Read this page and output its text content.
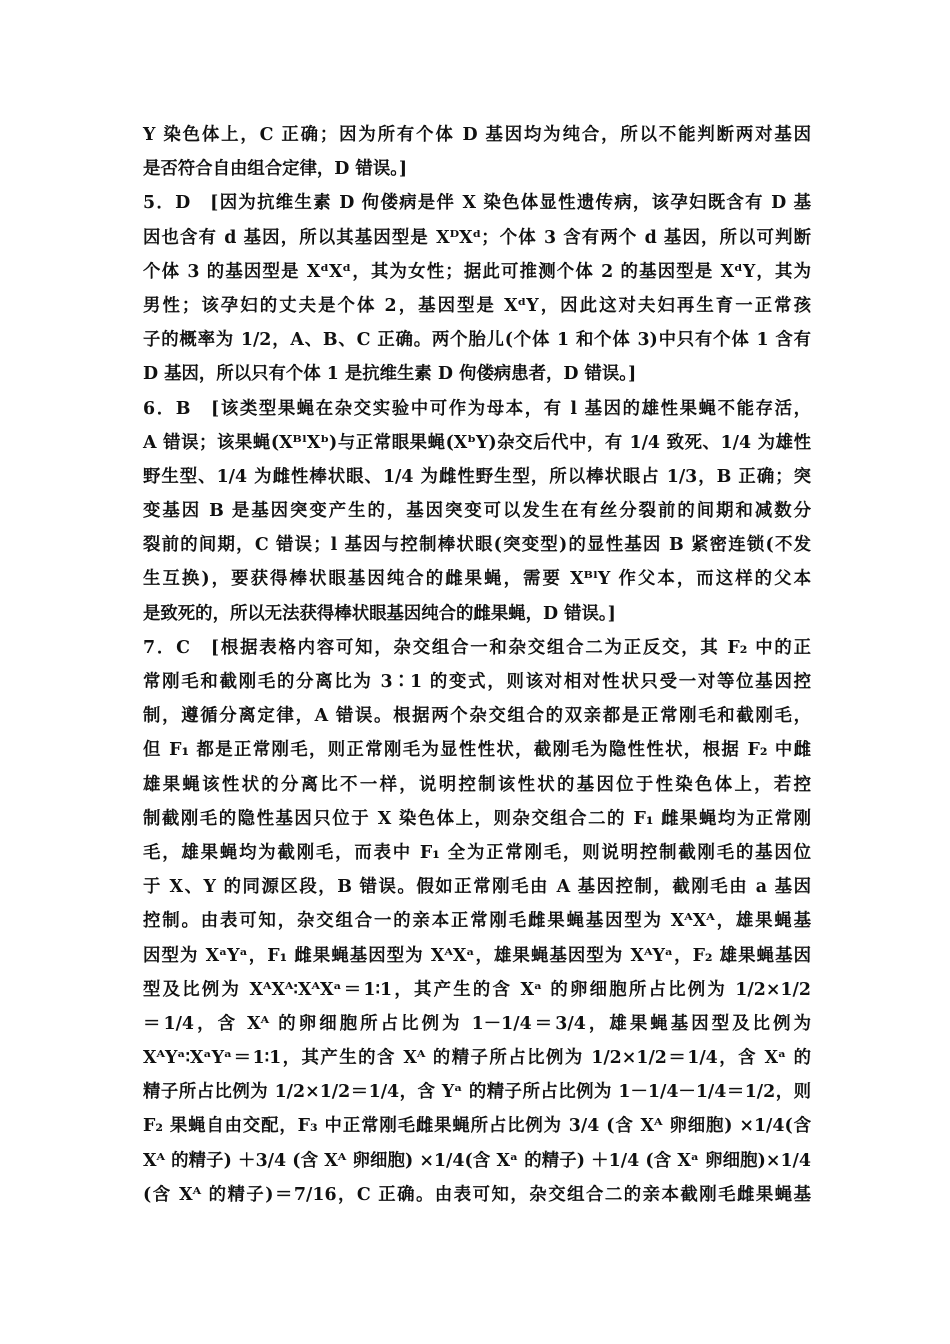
Y 染色体上，C 正确；因为所有个体 D 基因均为纯合，所以不能判断两对基因
是否符合自由组合定律，D 错误。]
5．D　[因为抗维生素 D 佝偻病是伴 X 染色体显性遗传病，该孕妇既含有 D 基
因也含有 d 基因，所以其基因型是 XᴰXᵈ；个体 3 含有两个 d 基因，所以可判断
个体 3 的基因型是 XᵈXᵈ，其为女性；据此可推测个体 2 的基因型是 XᵈY，其为
男性；该孕妇的丈夫是个体 2，基因型是 XᵈY，因此这对夫妇再生育一正常孩
子的概率为 1/2，A、B、C 正确。两个胎儿(个体 1 和个体 3)中只有个体 1 含有
D 基因，所以只有个体 1 是抗维生素 D 佝偻病患者，D 错误。]
6．B　[该类型果蝇在杂交实验中可作为母本，有 l 基因的雄性果蝇不能存活，
A 错误；该果蝇(XᴮˡXᵇ)与正常眼果蝇(XᵇY)杂交后代中，有 1/4 致死、1/4 为雄性
野生型、1/4 为雌性棒状眼、1/4 为雌性野生型，所以棒状眼占 1/3，B 正确；突
变基因 B 是基因突变产生的，基因突变可以发生在有丝分裂前的间期和减数分
裂前的间期，C 错误；l 基因与控制棒状眼(突变型)的显性基因 B 紧密连锁(不发
生互换)，要获得棒状眼基因纯合的雌果蝇，需要 XᴮˡY 作父本，而这样的父本
是致死的，所以无法获得棒状眼基因纯合的雌果蝇，D 错误。]
7．C　[根据表格内容可知，杂交组合一和杂交组合二为正反交，其 F₂ 中的正
常刚毛和截刚毛的分离比为 3∶1 的变式，则该对相对性状只受一对等位基因控
制，遵循分离定律，A 错误。根据两个杂交组合的双亲都是正常刚毛和截刚毛，
但 F₁ 都是正常刚毛，则正常刚毛为显性性状，截刚毛为隐性性状，根据 F₂ 中雌
雄果蝇该性状的分离比不一样，说明控制该性状的基因位于性染色体上，若控
制截刚毛的隐性基因只位于 X 染色体上，则杂交组合二的 F₁ 雌果蝇均为正常刚
毛，雄果蝇均为截刚毛，而表中 F₁ 全为正常刚毛，则说明控制截刚毛的基因位
于 X、Y 的同源区段，B 错误。假如正常刚毛由 A 基因控制，截刚毛由 a 基因
控制。由表可知，杂交组合一的亲本正常刚毛雌果蝇基因型为 XᴬXᴬ，雄果蝇基
因型为 XᵃYᵃ，F₁ 雌果蝇基因型为 XᴬXᵃ，雄果蝇基因型为 XᴬYᵃ，F₂ 雄果蝇基因
型及比例为 XᴬXᴬ∶XᴬXᵃ＝1∶1，其产生的含 Xᵃ 的卵细胞所占比例为 1/2×1/2
＝1/4，含 Xᴬ 的卵细胞所占比例为 1－1/4＝3/4，雄果蝇基因型及比例为
XᴬYᵃ∶XᵃYᵃ＝1∶1，其产生的含 Xᴬ 的精子所占比例为 1/2×1/2＝1/4，含 Xᵃ 的
精子所占比例为 1/2×1/2＝1/4，含 Yᵃ 的精子所占比例为 1－1/4－1/4＝1/2，则
F₂ 果蝇自由交配，F₃ 中正常刚毛雌果蝇所占比例为 3/4 (含 Xᴬ 卵细胞) ×1/4(含
Xᴬ 的精子) ＋3/4 (含 Xᴬ 卵细胞) ×1/4(含 Xᵃ 的精子) ＋1/4 (含 Xᵃ 卵细胞)×1/4
(含 Xᴬ 的精子)＝7/16，C 正确。由表可知，杂交组合二的亲本截刚毛雌果蝇基
